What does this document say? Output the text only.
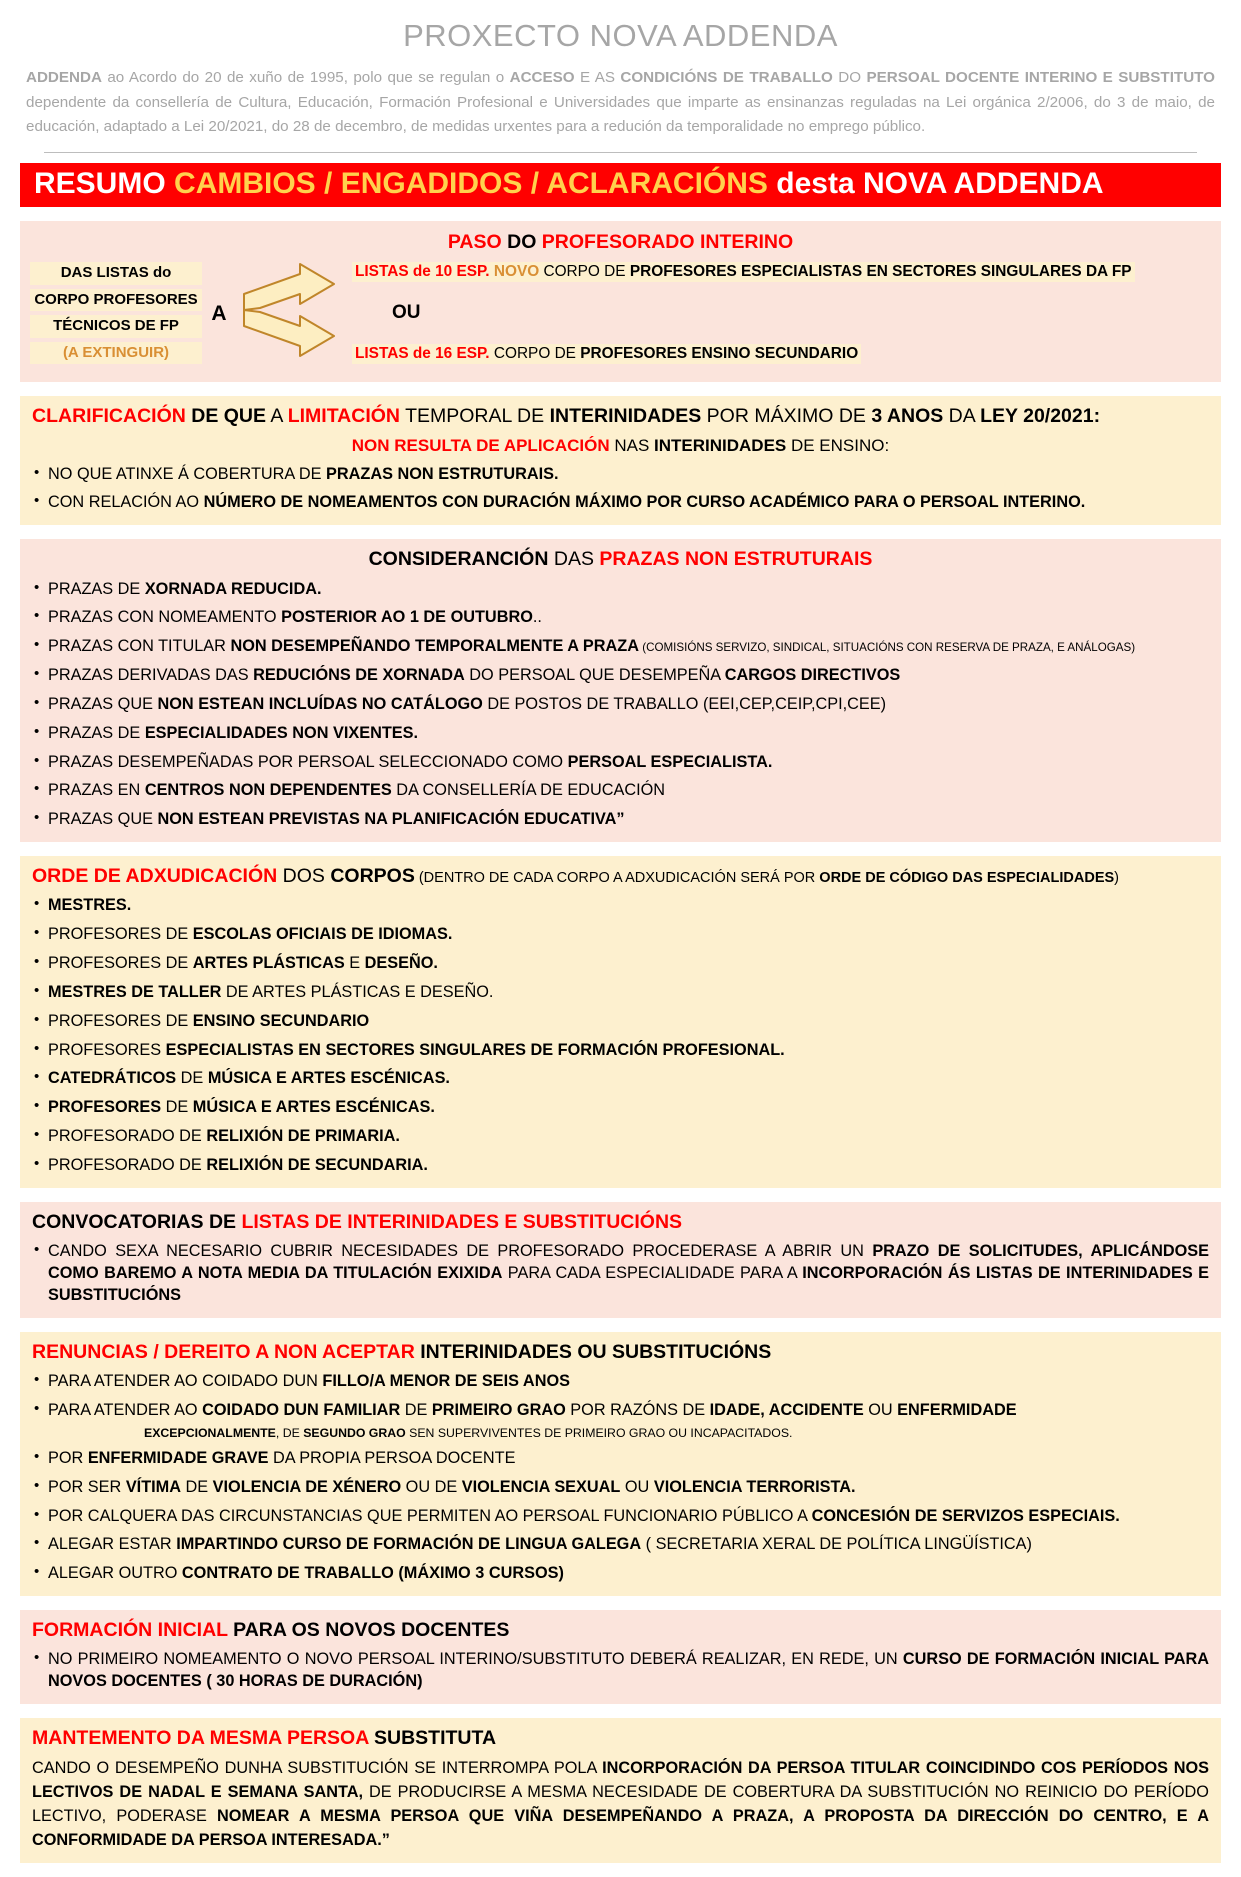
PROXECTO NOVA ADDENDA

ADDENDA ao Acordo do 20 de xuño de 1995, polo que se regulan o ACCESO E AS CONDICIÓNS DE TRABALLO DO PERSOAL DOCENTE INTERINO E SUBSTITUTO dependente da consellería de Cultura, Educación, Formación Profesional e Universidades que imparte as ensinanzas reguladas na Lei orgánica 2/2006, do 3 de maio, de educación, adaptado a Lei 20/2021, do 28 de decembro, de medidas urxentes para a redución da temporalidade no emprego público.

RESUMO CAMBIOS / ENGADIDOS / ACLARACIÓNS desta NOVA ADDENDA
PASO DO PROFESORADO INTERINO
DAS LISTAS do
CORPO PROFESORES
TÉCNICOS DE FP
(A EXTINGUIR)
A
LISTAS de 10 ESP. NOVO CORPO DE PROFESORES ESPECIALISTAS EN SECTORES SINGULARES DA FP
OU
LISTAS de 16 ESP. CORPO DE PROFESORES ENSINO SECUNDARIO
CLARIFICACIÓN DE QUE A LIMITACIÓN TEMPORAL DE INTERINIDADES POR MÁXIMO DE 3 ANOS DA LEY 20/2021:
NON RESULTA DE APLICACIÓN NAS INTERINIDADES DE ENSINO:
• NO QUE ATINXE Á COBERTURA DE PRAZAS NON ESTRUTURAIS.
• CON RELACIÓN AO NÚMERO DE NOMEAMENTOS CON DURACIÓN MÁXIMO POR CURSO ACADÉMICO PARA O PERSOAL INTERINO.
CONSIDERANCIÓN DAS PRAZAS NON ESTRUTURAIS
• PRAZAS DE XORNADA REDUCIDA.
• PRAZAS CON NOMEAMENTO POSTERIOR AO 1 DE OUTUBRO..
• PRAZAS CON TITULAR NON DESEMPEÑANDO TEMPORALMENTE A PRAZA (COMISIÓNS SERVIZO, SINDICAL, SITUACIÓNS CON RESERVA DE PRAZA, E ANÁLOGAS)
• PRAZAS DERIVADAS DAS REDUCIÓNS DE XORNADA DO PERSOAL QUE DESEMPEÑA CARGOS DIRECTIVOS
• PRAZAS QUE NON ESTEAN INCLUÍDAS NO CATÁLOGO DE POSTOS DE TRABALLO (EEI,CEP,CEIP,CPI,CEE)
• PRAZAS DE ESPECIALIDADES NON VIXENTES.
• PRAZAS DESEMPEÑADAS POR PERSOAL SELECCIONADO COMO PERSOAL ESPECIALISTA.
• PRAZAS EN CENTROS NON DEPENDENTES DA CONSELLERÍA DE EDUCACIÓN
• PRAZAS QUE NON ESTEAN PREVISTAS NA PLANIFICACIÓN EDUCATIVA”
ORDE DE ADXUDICACIÓN DOS CORPOS (DENTRO DE CADA CORPO A ADXUDICACIÓN SERÁ POR ORDE DE CÓDIGO DAS ESPECIALIDADES)
• MESTRES.
• PROFESORES DE ESCOLAS OFICIAIS DE IDIOMAS.
• PROFESORES DE ARTES PLÁSTICAS E DESEÑO.
• MESTRES DE TALLER DE ARTES PLÁSTICAS E DESEÑO.
• PROFESORES DE ENSINO SECUNDARIO
• PROFESORES ESPECIALISTAS EN SECTORES SINGULARES DE FORMACIÓN PROFESIONAL.
• CATEDRÁTICOS DE MÚSICA E ARTES ESCÉNICAS.
• PROFESORES DE MÚSICA E ARTES ESCÉNICAS.
• PROFESORADO DE RELIXIÓN DE PRIMARIA.
• PROFESORADO DE RELIXIÓN DE SECUNDARIA.
CONVOCATORIAS DE LISTAS DE INTERINIDADES E SUBSTITUCIÓNS
• CANDO SEXA NECESARIO CUBRIR NECESIDADES DE PROFESORADO PROCEDERASE A ABRIR UN PRAZO DE SOLICITUDES, APLICÁNDOSE COMO BAREMO A NOTA MEDIA DA TITULACIÓN EXIXIDA PARA CADA ESPECIALIDADE PARA A INCORPORACIÓN ÁS LISTAS DE INTERINIDADES E SUBSTITUCIÓNS
RENUNCIAS / DEREITO A NON ACEPTAR INTERINIDADES OU SUBSTITUCIÓNS
• PARA ATENDER AO COIDADO DUN FILLO/A MENOR DE SEIS ANOS
• PARA ATENDER AO COIDADO DUN FAMILIAR DE PRIMEIRO GRAO POR RAZÓNS DE IDADE, ACCIDENTE OU ENFERMIDADE
EXCEPCIONALMENTE, DE SEGUNDO GRAO SEN SUPERVIVENTES DE PRIMEIRO GRAO OU INCAPACITADOS.
• POR ENFERMIDADE GRAVE DA PROPIA PERSOA DOCENTE
• POR SER VÍTIMA DE VIOLENCIA DE XÉNERO OU DE VIOLENCIA SEXUAL OU VIOLENCIA TERRORISTA.
• POR CALQUERA DAS CIRCUNSTANCIAS QUE PERMITEN AO PERSOAL FUNCIONARIO PÚBLICO A CONCESIÓN DE SERVIZOS ESPECIAIS.
• ALEGAR ESTAR IMPARTINDO CURSO DE FORMACIÓN DE LINGUA GALEGA ( SECRETARIA XERAL DE POLÍTICA LINGÜÍSTICA)
• ALEGAR OUTRO CONTRATO DE TRABALLO (MÁXIMO 3 CURSOS)
FORMACIÓN INICIAL PARA OS NOVOS DOCENTES
• NO PRIMEIRO NOMEAMENTO O NOVO PERSOAL INTERINO/SUBSTITUTO DEBERÁ REALIZAR, EN REDE, UN CURSO DE FORMACIÓN INICIAL PARA NOVOS DOCENTES ( 30 HORAS DE DURACIÓN)
MANTEMENTO DA MESMA PERSOA SUBSTITUTA

CANDO O DESEMPEÑO DUNHA SUBSTITUCIÓN SE INTERROMPA POLA INCORPORACIÓN DA PERSOA TITULAR COINCIDINDO COS PERÍODOS NOS LECTIVOS DE NADAL E SEMANA SANTA, DE PRODUCIRSE A MESMA NECESIDADE DE COBERTURA DA SUBSTITUCIÓN NO REINICIO DO PERÍODO LECTIVO, PODERASE NOMEAR A MESMA PERSOA QUE VIÑA DESEMPEÑANDO A PRAZA, A PROPOSTA DA DIRECCIÓN DO CENTRO, E A CONFORMIDADE DA PERSOA INTERESADA.”
